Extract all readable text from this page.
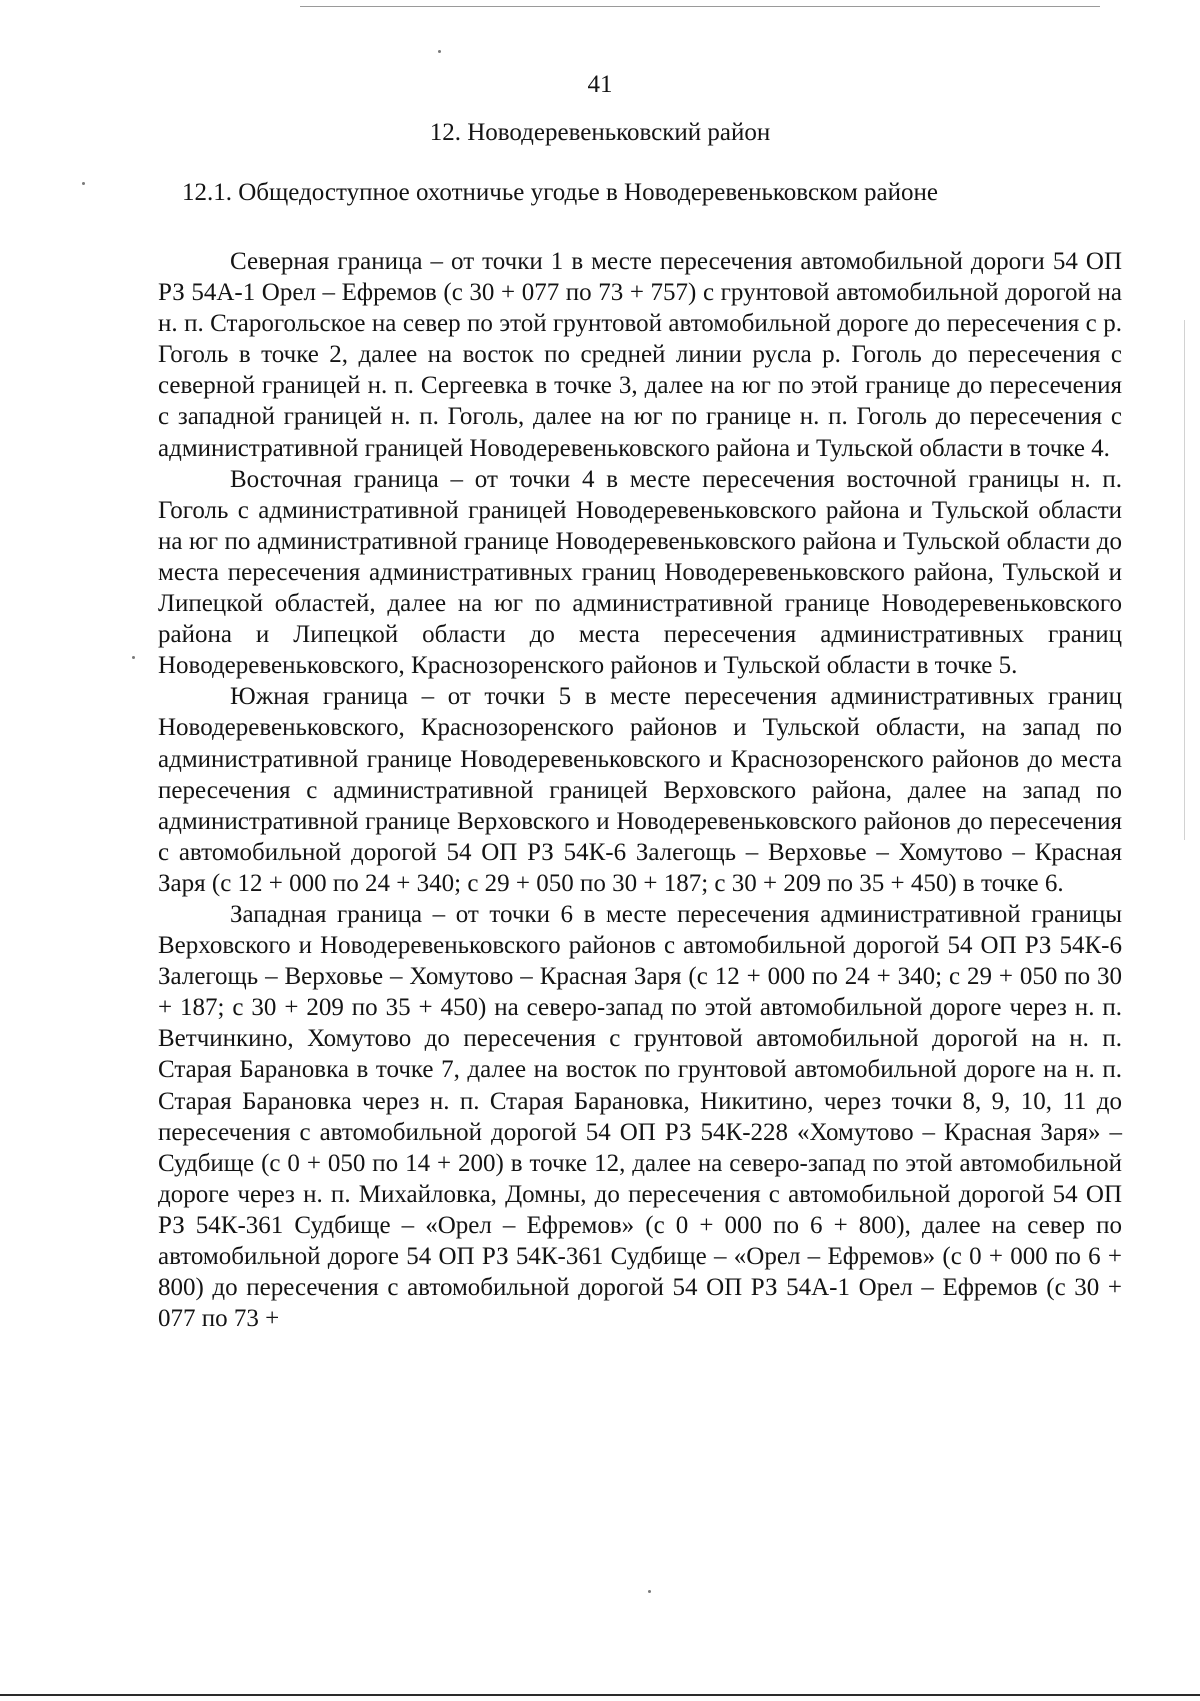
41
12. Новодеревеньковский район
12.1. Общедоступное охотничье угодье в Новодеревеньковском районе

Северная граница – от точки 1 в месте пересечения автомобильной дороги 54 ОП РЗ 54А-1 Орел – Ефремов (с 30 + 077 по 73 + 757) с грунтовой автомобильной дорогой на н. п. Старогольское на север по этой грунтовой автомобильной дороге до пересечения с р. Гоголь в точке 2, далее на восток по средней линии русла р. Гоголь до пересечения с северной границей н. п. Сергеевка в точке 3, далее на юг по этой границе до пересечения с западной границей н. п. Гоголь, далее на юг по границе н. п. Гоголь до пересечения с административной границей Новодеревеньковского района и Тульской области в точке 4.

Восточная граница – от точки 4 в месте пересечения восточной границы н. п. Гоголь с административной границей Новодеревеньковского района и Тульской области на юг по административной границе Новодеревеньковского района и Тульской области до места пересечения административных границ Новодеревеньковского района, Тульской и Липецкой областей, далее на юг по административной границе Новодеревеньковского района и Липецкой области до места пересечения административных границ Новодеревеньковского, Краснозоренского районов и Тульской области в точке 5.

Южная граница – от точки 5 в месте пересечения административных границ Новодеревеньковского, Краснозоренского районов и Тульской области, на запад по административной границе Новодеревеньковского и Краснозоренского районов до места пересечения с административной границей Верховского района, далее на запад по административной границе Верховского и Новодеревеньковского районов до пересечения с автомобильной дорогой 54 ОП РЗ 54К-6 Залегощь – Верховье – Хомутово – Красная Заря (с 12 + 000 по 24 + 340; с 29 + 050 по 30 + 187; с 30 + 209 по 35 + 450) в точке 6.

Западная граница – от точки 6 в месте пересечения административной границы Верховского и Новодеревеньковского районов с автомобильной дорогой 54 ОП РЗ 54К-6 Залегощь – Верховье – Хомутово – Красная Заря (с 12 + 000 по 24 + 340; с 29 + 050 по 30 + 187; с 30 + 209 по 35 + 450) на северо-запад по этой автомобильной дороге через н. п. Ветчинкино, Хомутово до пересечения с грунтовой автомобильной дорогой на н. п. Старая Барановка в точке 7, далее на восток по грунтовой автомобильной дороге на н. п. Старая Барановка через н. п. Старая Барановка, Никитино, через точки 8, 9, 10, 11 до пересечения с автомобильной дорогой 54 ОП РЗ 54К-228 «Хомутово – Красная Заря» – Судбище (с 0 + 050 по 14 + 200) в точке 12, далее на северо-запад по этой автомобильной дороге через н. п. Михайловка, Домны, до пересечения с автомобильной дорогой 54 ОП РЗ 54К-361 Судбище – «Орел – Ефремов» (с 0 + 000 по 6 + 800), далее на север по автомобильной дороге 54 ОП РЗ 54К-361 Судбище – «Орел – Ефремов» (с 0 + 000 по 6 + 800) до пересечения с автомобильной дорогой 54 ОП РЗ 54А-1 Орел – Ефремов (с 30 + 077 по 73 +
